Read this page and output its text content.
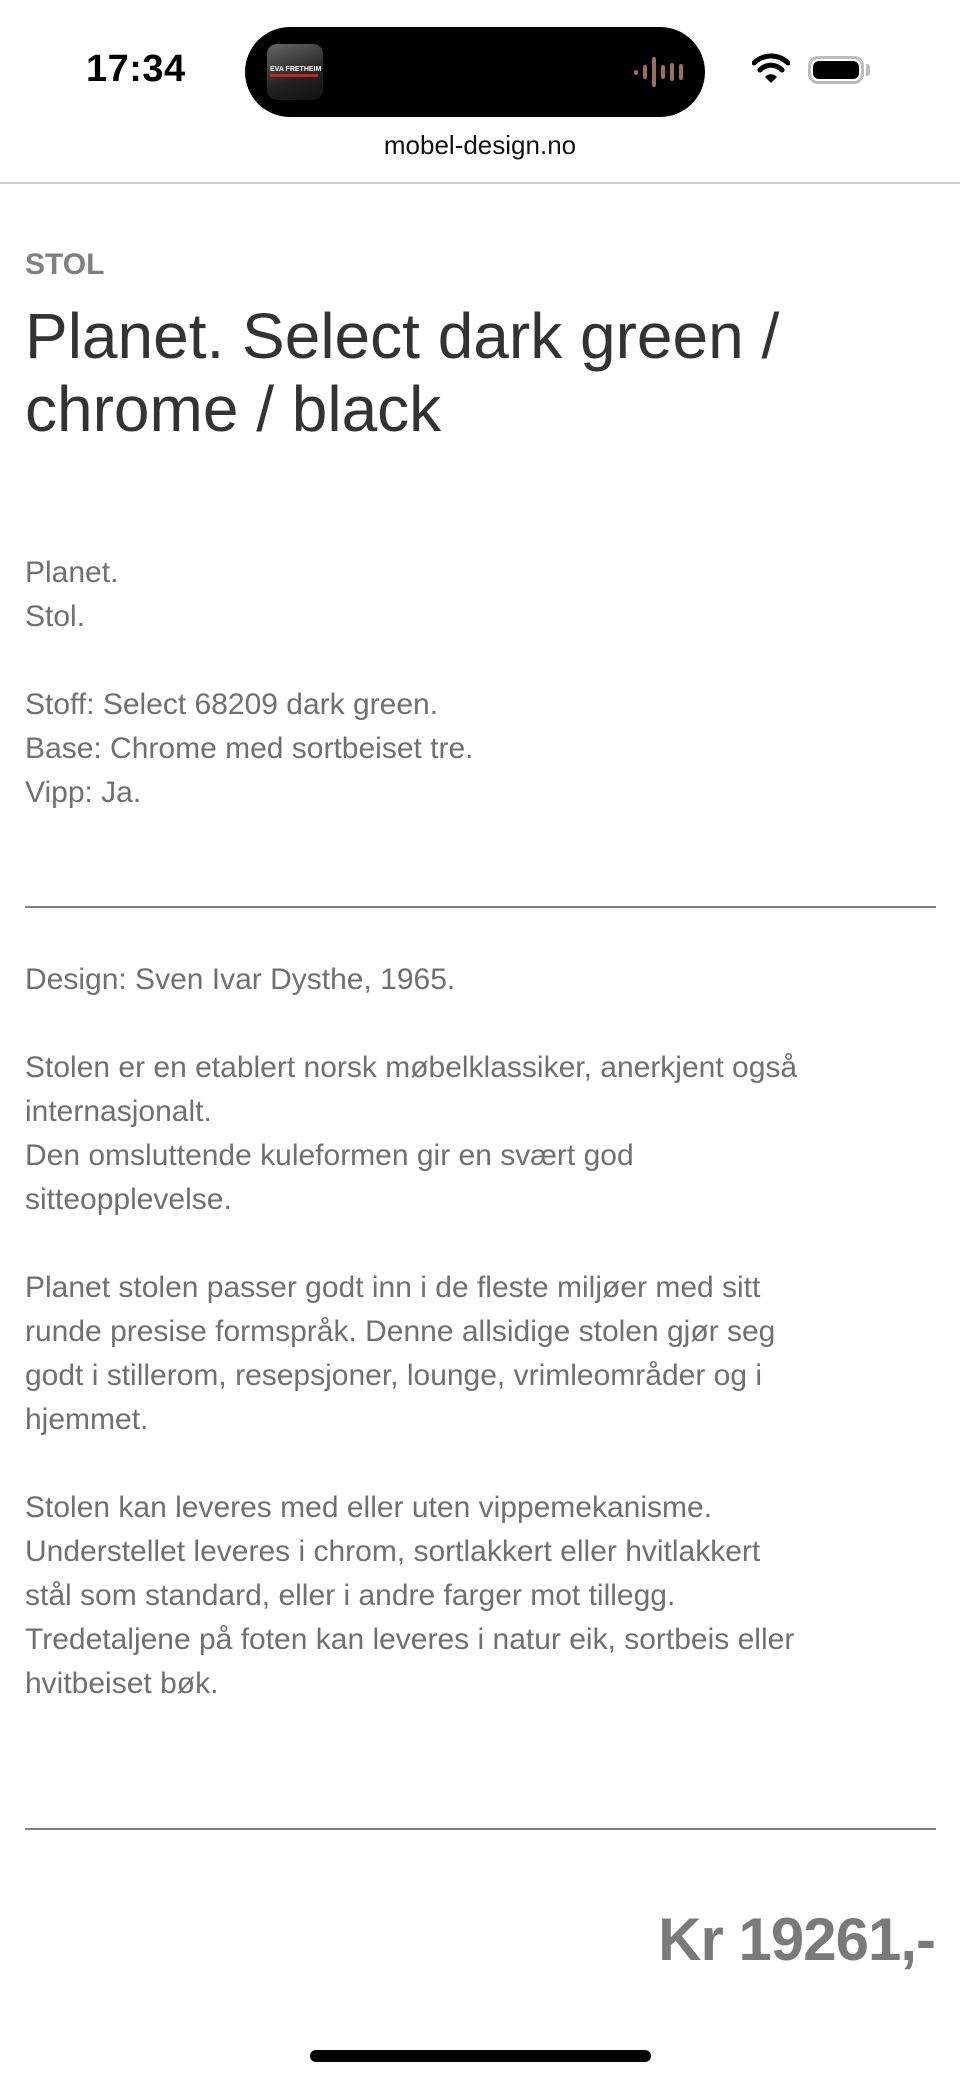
17:34	EVA FRETHEIM
mobel-design.no
STOL
Planet. Select dark green /
chrome / black
Planet.
Stol.
Stoff: Select 68209 dark green.
Base: Chrome med sortbeiset tre.
Vipp: Ja.
Design: Sven Ivar Dysthe, 1965.
Stolen er en etablert norsk møbelklassiker, anerkjent også
internasjonalt.
Den omsluttende kuleformen gir en svært god
sitteopplevelse.
Planet stolen passer godt inn i de fleste miljøer med sitt
runde presise formspråk. Denne allsidige stolen gjør seg
godt i stillerom, resepsjoner, lounge, vrimleområder og i
hjemmet.
Stolen kan leveres med eller uten vippemekanisme.
Understellet leveres i chrom, sortlakkert eller hvitlakkert
stål som standard, eller i andre farger mot tillegg.
Tredetaljene på foten kan leveres i natur eik, sortbeis eller
hvitbeiset bøk.
Kr 19261,-
